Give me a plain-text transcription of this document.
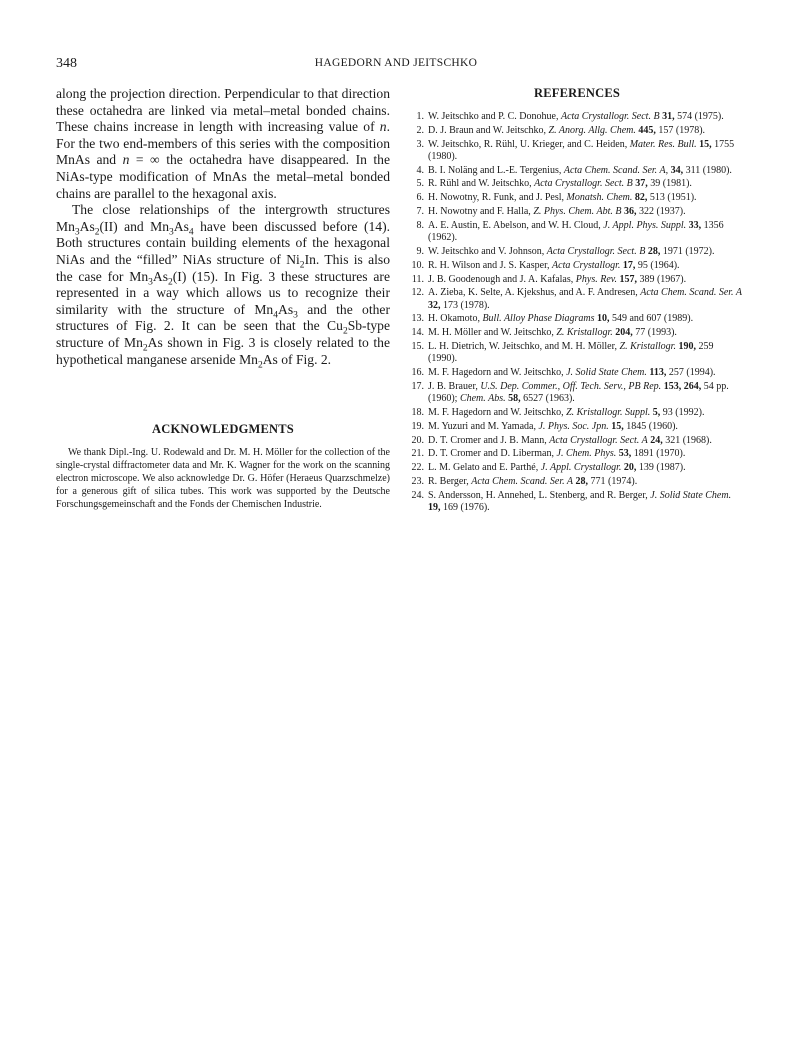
348	HAGEDORN AND JEITSCHKO

along the projection direction. Perpendicular to that direction these octahedra are linked via metal–metal bonded chains. These chains increase in length with increasing value of n. For the two end-members of this series with the composition MnAs and n = ∞ the octahedra have disappeared. In the NiAs-type modification of MnAs the metal–metal bonded chains are parallel to the hexagonal axis.

The close relationships of the intergrowth structures $Mn_3As_2(II)$ and $Mn_3As_4$ have been discussed before (14). Both structures contain building elements of the hexagonal NiAs and the “filled” NiAs structure of $Ni_2In$. This is also the case for $Mn_3As_2(I)$ (15). In Fig. 3 these structures are represented in a way which allows us to recognize their similarity with the structure of $Mn_4As_3$ and the other structures of Fig. 2. It can be seen that the $Cu_2Sb$-type structure of $Mn_2As$ shown in Fig. 3 is closely related to the hypothetical manganese arsenide $Mn_2As$ of Fig. 2.

ACKNOWLEDGMENTS

We thank Dipl.-Ing. U. Rodewald and Dr. M. H. Möller for the collection of the single-crystal diffractometer data and Mr. K. Wagner for the work on the scanning electron microscope. We also acknowledge Dr. G. Höfer (Heraeus Quarzschmelze) for a generous gift of silica tubes. This work was supported by the Deutsche Forschungsgemeinschaft and the Fonds der Chemischen Industrie.

REFERENCES
1. W. Jeitschko and P. C. Donohue, Acta Crystallogr. Sect. B 31, 574 (1975).
2. D. J. Braun and W. Jeitschko, Z. Anorg. Allg. Chem. 445, 157 (1978).
3. W. Jeitschko, R. Rühl, U. Krieger, and C. Heiden, Mater. Res. Bull. 15, 1755 (1980).
4. B. I. Noläng and L.-E. Tergenius, Acta Chem. Scand. Ser. A, 34, 311 (1980).
5. R. Rühl and W. Jeitschko, Acta Crystallogr. Sect. B 37, 39 (1981).
6. H. Nowotny, R. Funk, and J. Pesl, Monatsh. Chem. 82, 513 (1951).
7. H. Nowotny and F. Halla, Z. Phys. Chem. Abt. B 36, 322 (1937).
8. A. E. Austin, E. Abelson, and W. H. Cloud, J. Appl. Phys. Suppl. 33, 1356 (1962).
9. W. Jeitschko and V. Johnson, Acta Crystallogr. Sect. B 28, 1971 (1972).
10. R. H. Wilson and J. S. Kasper, Acta Crystallogr. 17, 95 (1964).
11. J. B. Goodenough and J. A. Kafalas, Phys. Rev. 157, 389 (1967).
12. A. Zieba, K. Selte, A. Kjekshus, and A. F. Andresen, Acta Chem. Scand. Ser. A 32, 173 (1978).
13. H. Okamoto, Bull. Alloy Phase Diagrams 10, 549 and 607 (1989).
14. M. H. Möller and W. Jeitschko, Z. Kristallogr. 204, 77 (1993).
15. L. H. Dietrich, W. Jeitschko, and M. H. Möller, Z. Kristallogr. 190, 259 (1990).
16. M. F. Hagedorn and W. Jeitschko, J. Solid State Chem. 113, 257 (1994).
17. J. B. Brauer, U.S. Dep. Commer., Off. Tech. Serv., PB Rep. 153, 264, 54 pp. (1960); Chem. Abs. 58, 6527 (1963).
18. M. F. Hagedorn and W. Jeitschko, Z. Kristallogr. Suppl. 5, 93 (1992).
19. M. Yuzuri and M. Yamada, J. Phys. Soc. Jpn. 15, 1845 (1960).
20. D. T. Cromer and J. B. Mann, Acta Crystallogr. Sect. A 24, 321 (1968).
21. D. T. Cromer and D. Liberman, J. Chem. Phys. 53, 1891 (1970).
22. L. M. Gelato and E. Parthé, J. Appl. Crystallogr. 20, 139 (1987).
23. R. Berger, Acta Chem. Scand. Ser. A 28, 771 (1974).
24. S. Andersson, H. Annehed, L. Stenberg, and R. Berger, J. Solid State Chem. 19, 169 (1976).
